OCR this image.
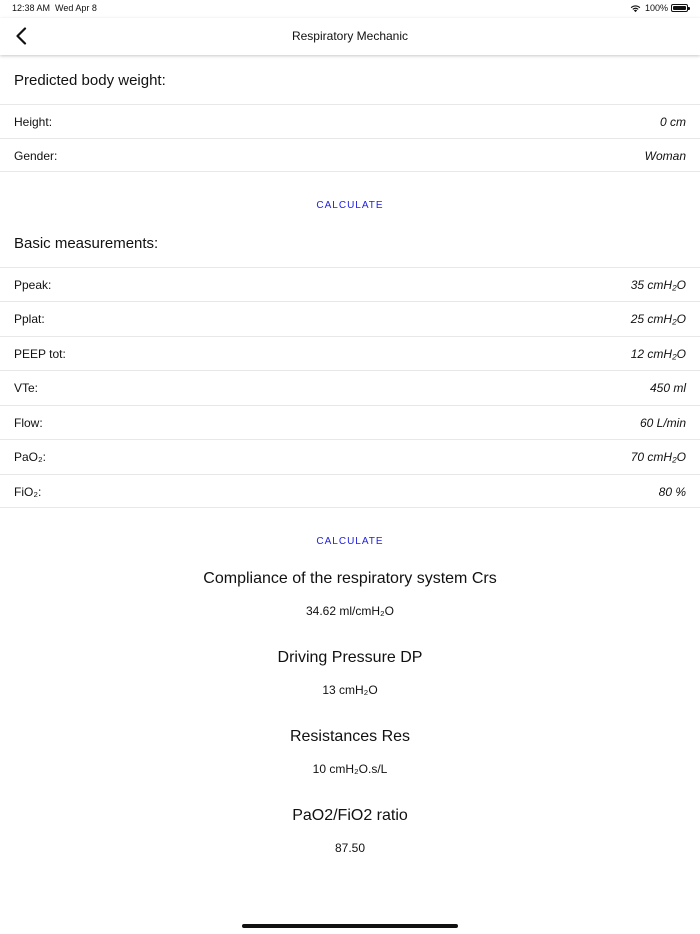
12:38 AM  Wed Apr 8	100%
Respiratory Mechanic
Predicted body weight:
Height:	0 cm
Gender:	Woman
CALCULATE
Basic measurements:
Ppeak:	35 cmH₂O
Pplat:	25 cmH₂O
PEEP tot:	12 cmH₂O
VTe:	450 ml
Flow:	60 L/min
PaO₂:	70 cmH₂O
FiO₂:	80 %
CALCULATE
Compliance of the respiratory system Crs
34.62 ml/cmH₂O
Driving Pressure DP
13 cmH₂O
Resistances Res
10 cmH₂O.s/L
PaO2/FiO2 ratio
87.50
